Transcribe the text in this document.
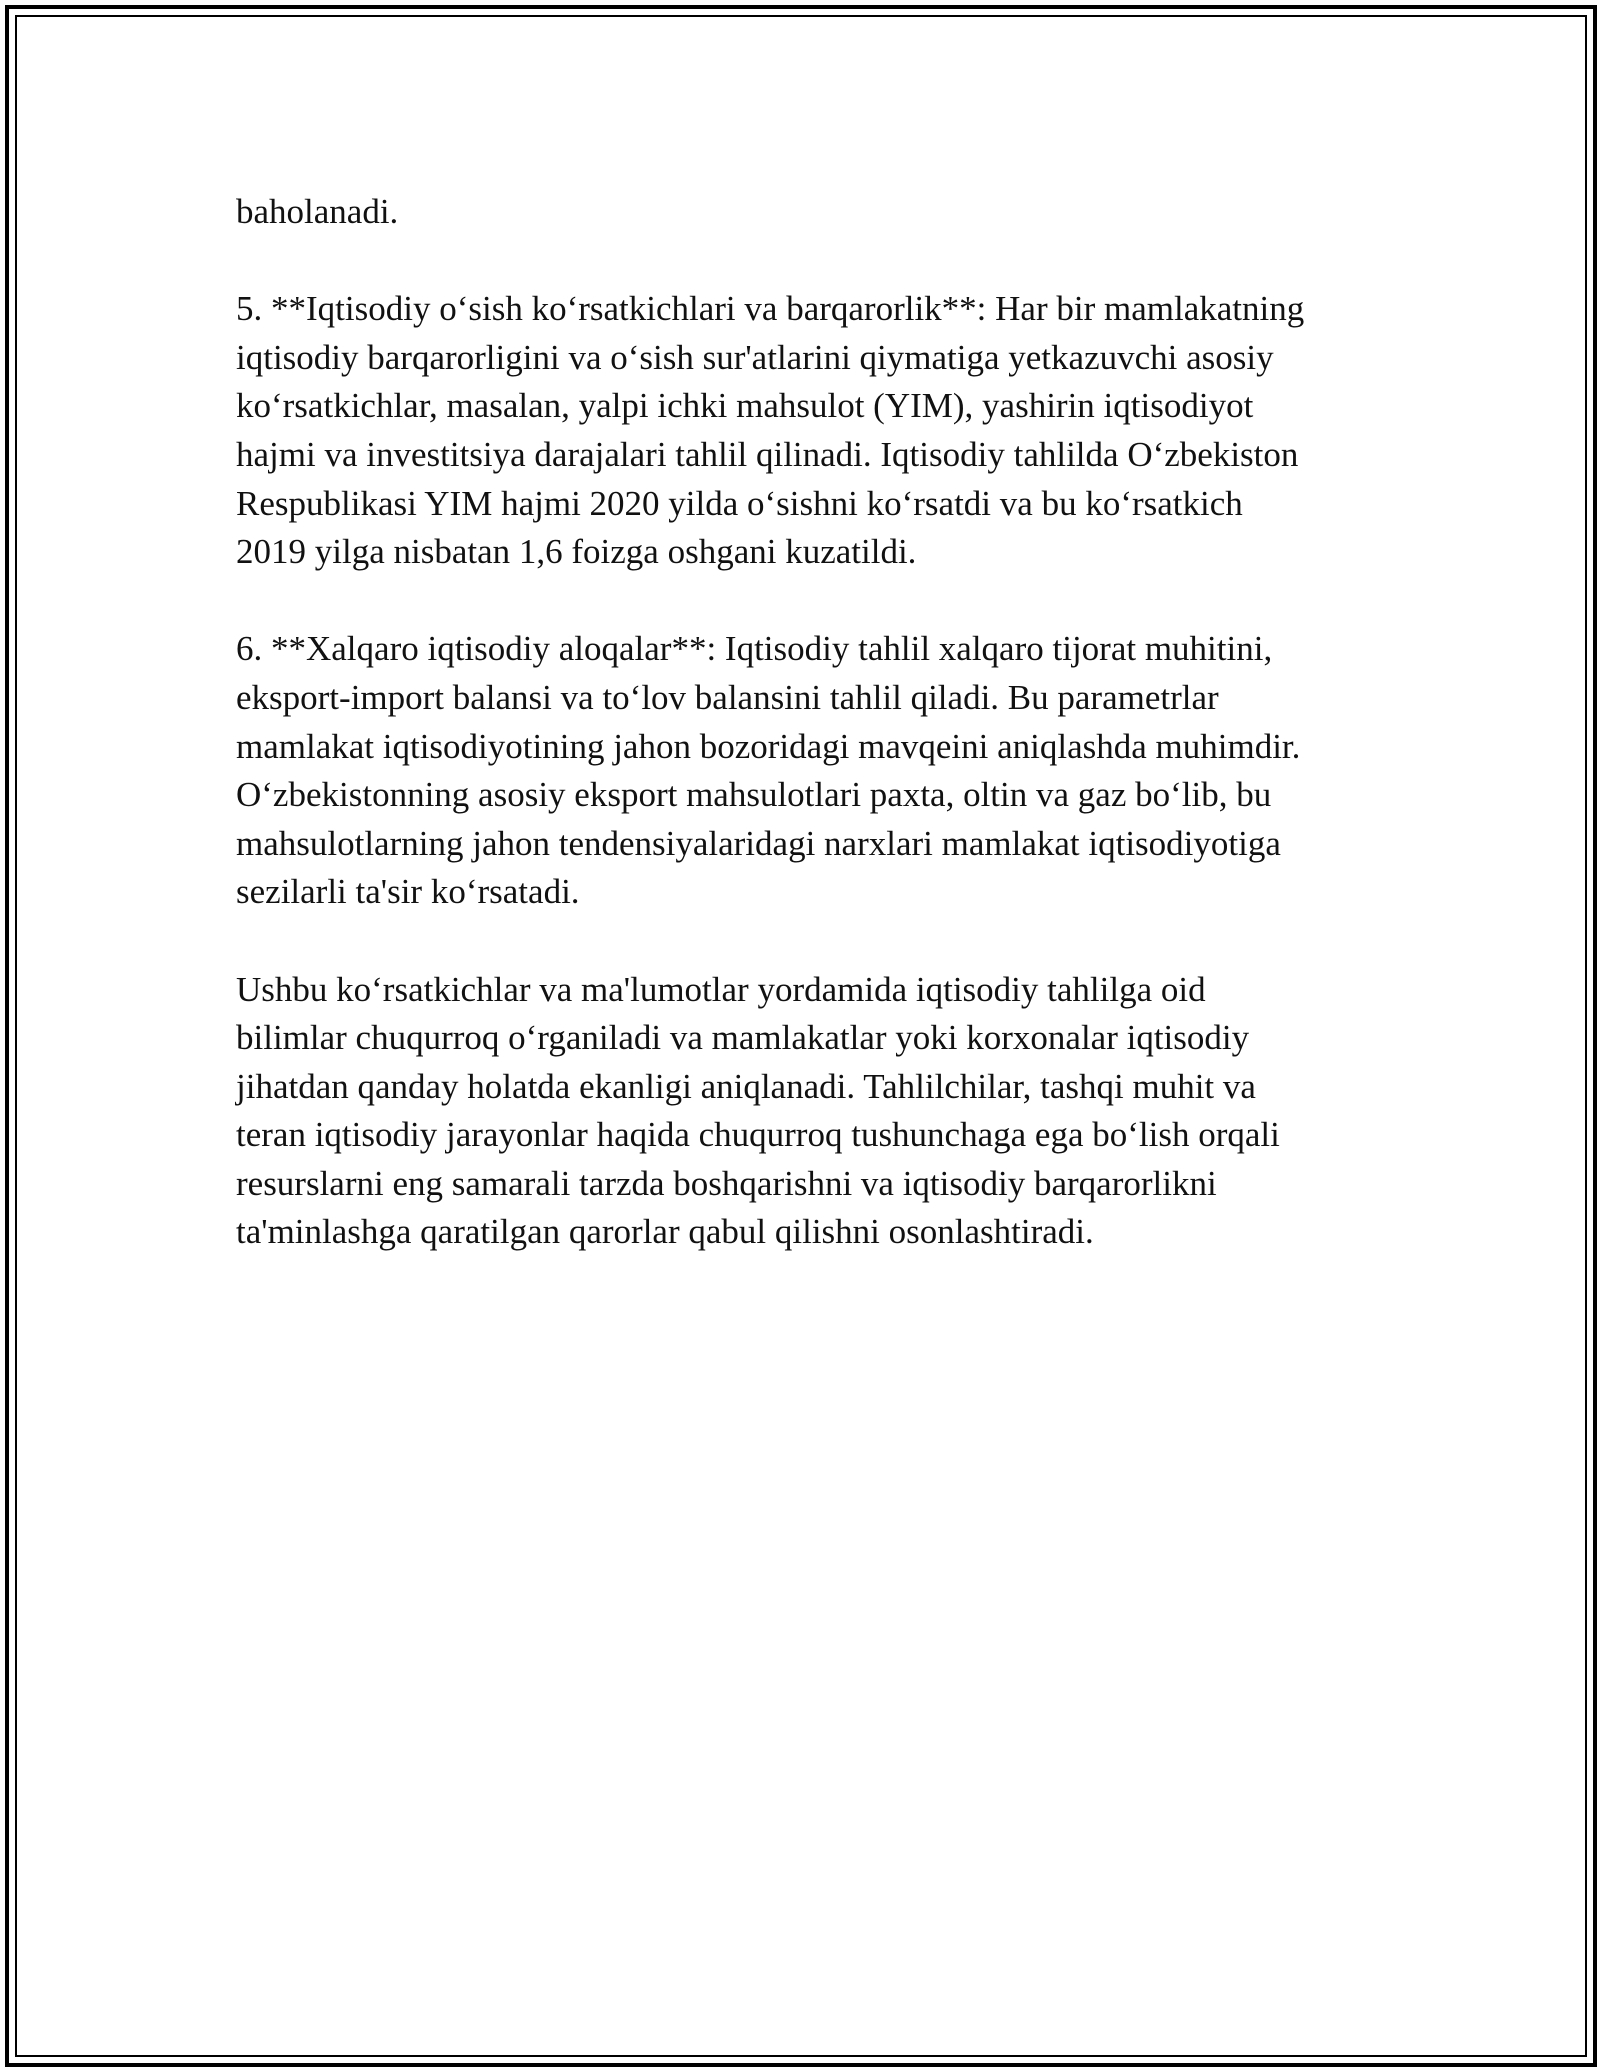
baholanadi.

5. **Iqtisodiy o‘sish ko‘rsatkichlari va barqarorlik**: Har bir mamlakatning
iqtisodiy barqarorligini va o‘sish sur'atlarini qiymatiga yetkazuvchi asosiy
ko‘rsatkichlar, masalan, yalpi ichki mahsulot (YIM), yashirin iqtisodiyot
hajmi va investitsiya darajalari tahlil qilinadi. Iqtisodiy tahlilda O‘zbekiston
Respublikasi YIM hajmi 2020 yilda o‘sishni ko‘rsatdi va bu ko‘rsatkich
2019 yilga nisbatan 1,6 foizga oshgani kuzatildi.

6. **Xalqaro iqtisodiy aloqalar**: Iqtisodiy tahlil xalqaro tijorat muhitini,
eksport-import balansi va to‘lov balansini tahlil qiladi. Bu parametrlar
mamlakat iqtisodiyotining jahon bozoridagi mavqeini aniqlashda muhimdir.
O‘zbekistonning asosiy eksport mahsulotlari paxta, oltin va gaz bo‘lib, bu
mahsulotlarning jahon tendensiyalaridagi narxlari mamlakat iqtisodiyotiga
sezilarli ta'sir ko‘rsatadi.

Ushbu ko‘rsatkichlar va ma'lumotlar yordamida iqtisodiy tahlilga oid
bilimlar chuqurroq o‘rganiladi va mamlakatlar yoki korxonalar iqtisodiy
jihatdan qanday holatda ekanligi aniqlanadi. Tahlilchilar, tashqi muhit va
teran iqtisodiy jarayonlar haqida chuqurroq tushunchaga ega bo‘lish orqali
resurslarni eng samarali tarzda boshqarishni va iqtisodiy barqarorlikni
ta'minlashga qaratilgan qarorlar qabul qilishni osonlashtiradi.
